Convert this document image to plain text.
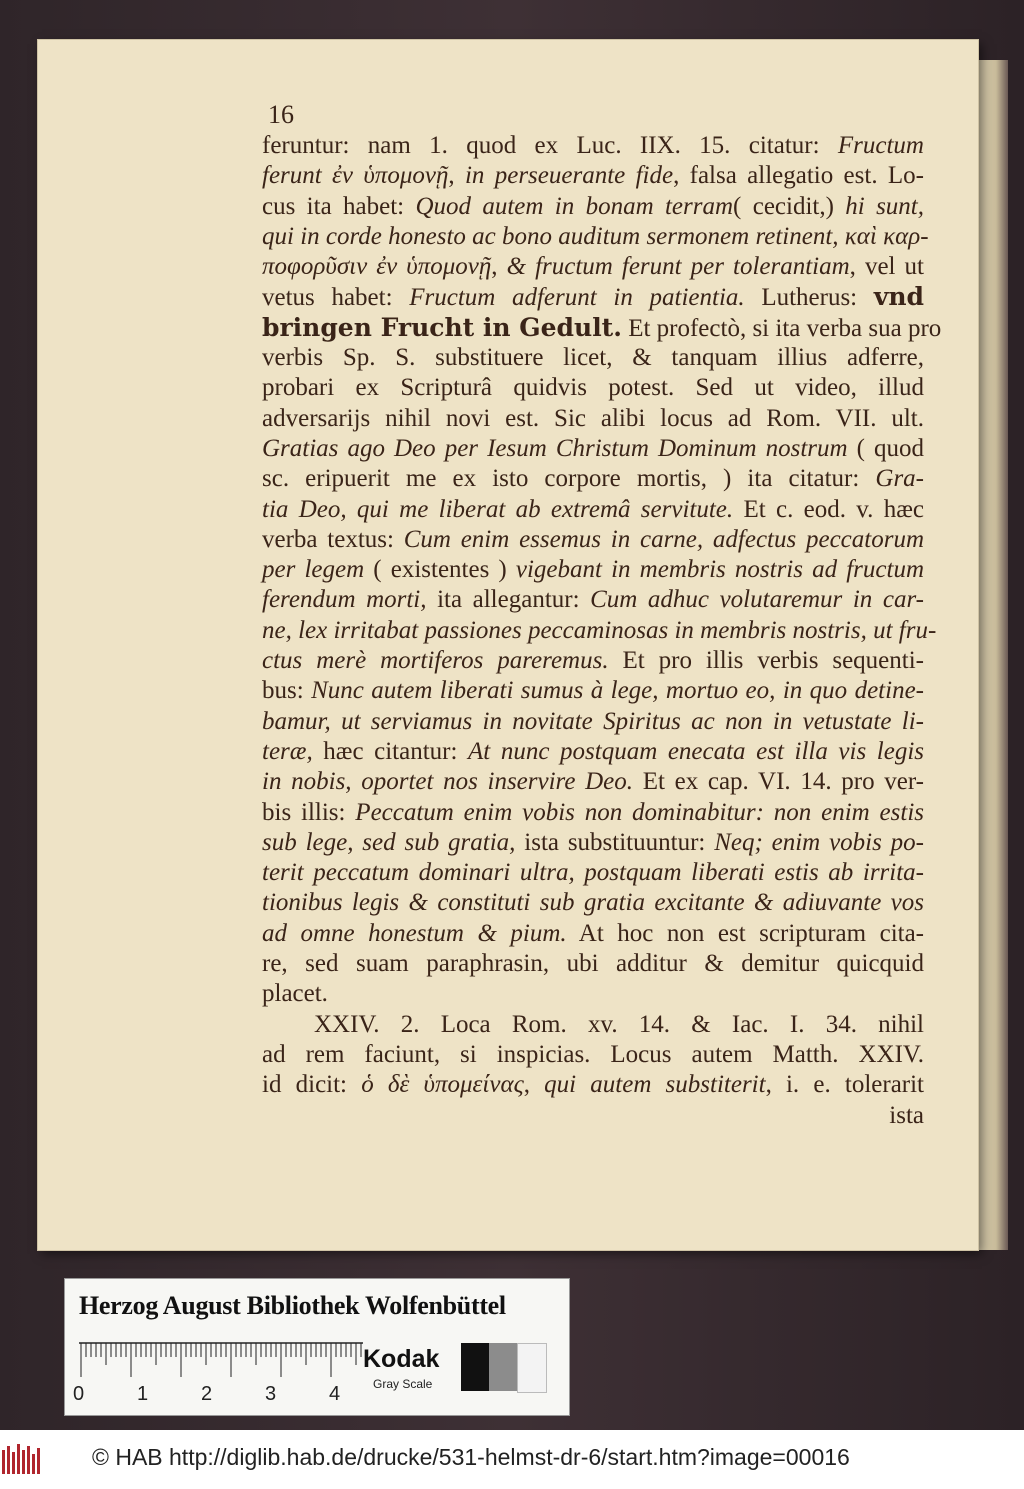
16
feruntur: nam 1. quod ex Luc. IIX. 15. citatur: Fructum
ferunt ἐν ὑπομονῇ, in perseuerante fide, falsa allegatio est. Lo-
cus ita habet: Quod autem in bonam terram( cecidit,) hi sunt,
qui in corde honesto ac bono auditum sermonem retinent, καὶ καρ-
ποφορῦσιν ἐν ὑπομονῇ, & fructum ferunt per tolerantiam, vel ut
vetus habet: Fructum adferunt in patientia. Lutherus: vnd
bringen Frucht in Gedult. Et profectò, si ita verba sua pro
verbis Sp. S. substituere licet, & tanquam illius adferre,
probari ex Scripturâ quidvis potest. Sed ut video, illud
adversarijs nihil novi est. Sic alibi locus ad Rom. VII. ult.
Gratias ago Deo per Iesum Christum Dominum nostrum ( quod
sc. eripuerit me ex isto corpore mortis, ) ita citatur: Gra-
tia Deo, qui me liberat ab extremâ servitute. Et c. eod. v. hæc
verba textus: Cum enim essemus in carne, adfectus peccatorum
per legem ( existentes ) vigebant in membris nostris ad fructum
ferendum morti, ita allegantur: Cum adhuc volutaremur in car-
ne, lex irritabat passiones peccaminosas in membris nostris, ut fru-
ctus merè mortiferos pareremus. Et pro illis verbis sequenti-
bus: Nunc autem liberati sumus à lege, mortuo eo, in quo detine-
bamur, ut serviamus in novitate Spiritus ac non in vetustate li-
teræ, hæc citantur: At nunc postquam enecata est illa vis legis
in nobis, oportet nos inservire Deo. Et ex cap. VI. 14. pro ver-
bis illis: Peccatum enim vobis non dominabitur: non enim estis
sub lege, sed sub gratia, ista substituuntur: Neq; enim vobis po-
terit peccatum dominari ultra, postquam liberati estis ab irrita-
tionibus legis & constituti sub gratia excitante & adiuvante vos
ad omne honestum & pium. At hoc non est scripturam cita-
re, sed suam paraphrasin, ubi additur & demitur quicquid
placet.
XXIV. 2. Loca Rom. xv. 14. & Iac. I. 34. nihil
ad rem faciunt, si inspicias. Locus autem Matth. XXIV.
id dicit: ὁ δὲ ὑπομείνας, qui autem substiterit, i. e. tolerarit
ista
Herzog August Bibliothek Wolfenbüttel
0	1	2	3	4
Kodak
Gray Scale
© HAB http://diglib.hab.de/drucke/531-helmst-dr-6/start.htm?image=00016
